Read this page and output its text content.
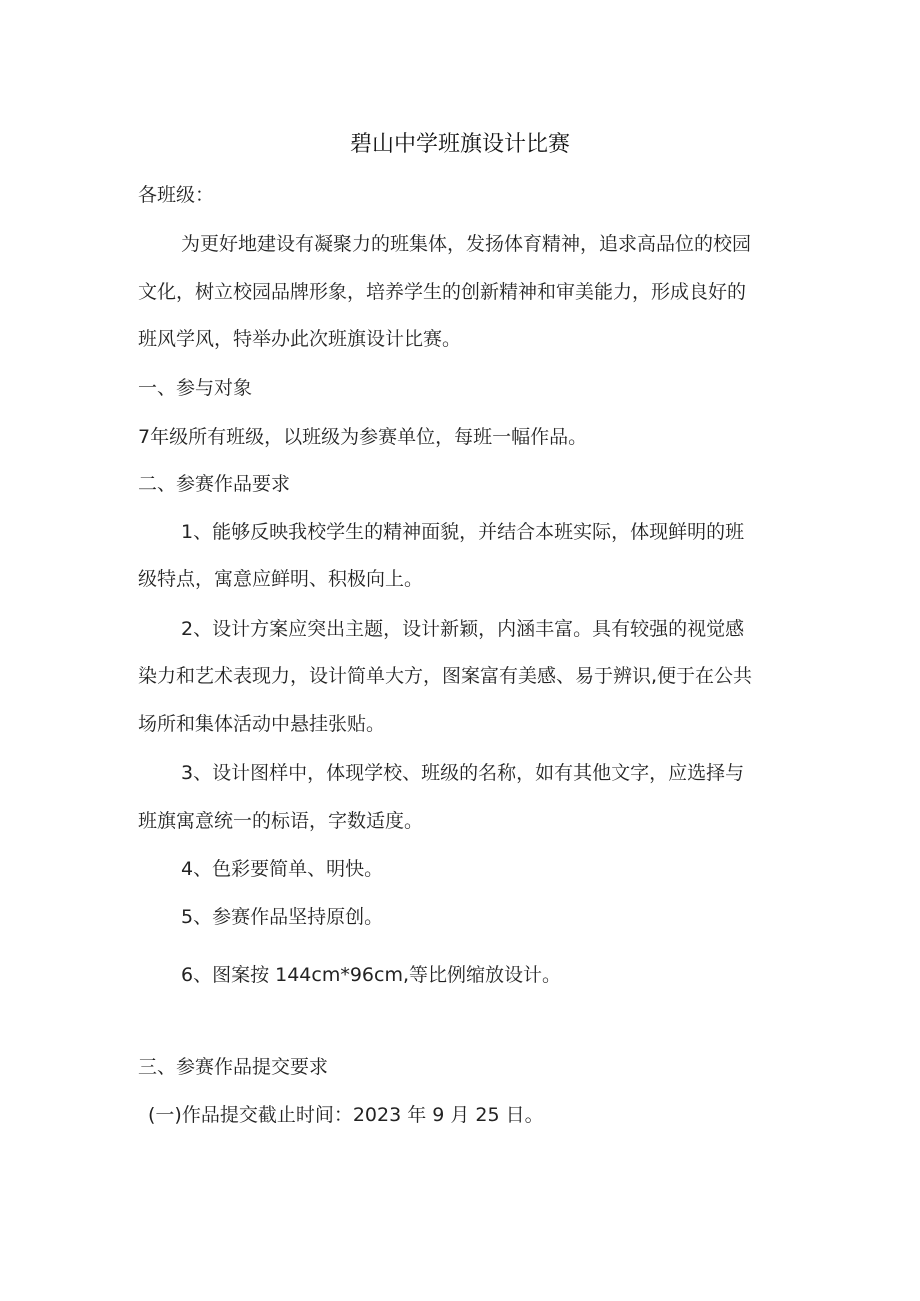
碧山中学班旗设计比赛
各班级：
为更好地建设有凝聚力的班集体，发扬体育精神，追求高品位的校园
文化，树立校园品牌形象，培养学生的创新精神和审美能力，形成良好的
班风学风，特举办此次班旗设计比赛。
一、参与对象
7年级所有班级，以班级为参赛单位，每班一幅作品。
二、参赛作品要求
1、能够反映我校学生的精神面貌，并结合本班实际，体现鲜明的班
级特点，寓意应鲜明、积极向上。
2、设计方案应突出主题，设计新颖，内涵丰富。具有较强的视觉感
染力和艺术表现力，设计简单大方，图案富有美感、易于辨识,便于在公共
场所和集体活动中悬挂张贴。
3、设计图样中，体现学校、班级的名称，如有其他文字，应选择与
班旗寓意统一的标语，字数适度。
4、色彩要简单、明快。
5、参赛作品坚持原创。
6、图案按 144cm*96cm,等比例缩放设计。
三、参赛作品提交要求
(一)作品提交截止时间：2023 年 9 月 25 日。
